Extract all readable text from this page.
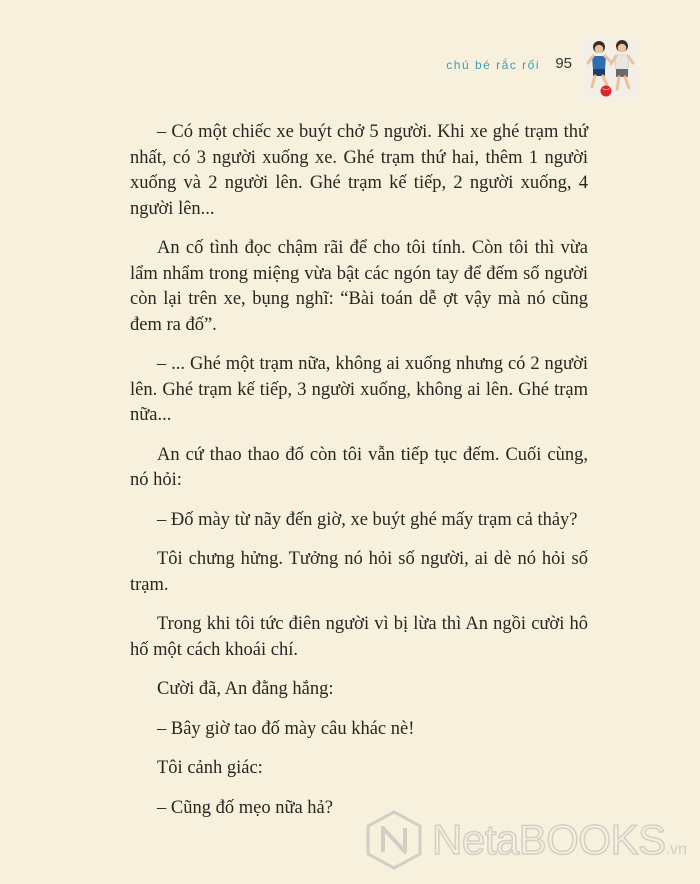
chú bé rắc rối 95

– Có một chiếc xe buýt chở 5 người. Khi xe ghé trạm thứ nhất, có 3 người xuống xe. Ghé trạm thứ hai, thêm 1 người xuống và 2 người lên. Ghé trạm kế tiếp, 2 người xuống, 4 người lên...

An cố tình đọc chậm rãi để cho tôi tính. Còn tôi thì vừa lẩm nhẩm trong miệng vừa bật các ngón tay để đếm số người còn lại trên xe, bụng nghĩ: “Bài toán dễ ợt vậy mà nó cũng đem ra đố”.

– ... Ghé một trạm nữa, không ai xuống nhưng có 2 người lên. Ghé trạm kế tiếp, 3 người xuống, không ai lên. Ghé trạm nữa...

An cứ thao thao đố còn tôi vẫn tiếp tục đếm. Cuối cùng, nó hỏi:

– Đố mày từ nãy đến giờ, xe buýt ghé mấy trạm cả thảy?

Tôi chưng hửng. Tưởng nó hỏi số người, ai dè nó hỏi số trạm.

Trong khi tôi tức điên người vì bị lừa thì An ngồi cười hô hố một cách khoái chí.

Cười đã, An đằng hắng:

– Bây giờ tao đố mày câu khác nè!

Tôi cảnh giác:

– Cũng đố mẹo nữa hả?

NetaBOOKS.vn
